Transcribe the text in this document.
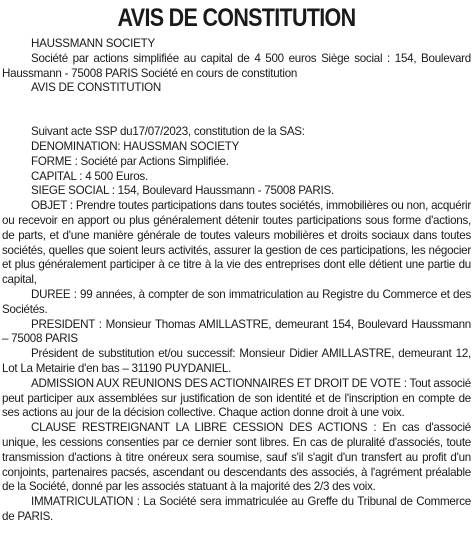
AVIS DE CONSTITUTION

HAUSSMANN SOCIETY

Société par actions simplifiée au capital de 4 500 euros Siège social : 154, Boulevard Haussmann - 75008 PARIS Société en cours de constitution

AVIS DE CONSTITUTION

Suivant acte SSP du17/07/2023, constitution de la SAS:

DENOMINATION: HAUSSMAN SOCIETY

FORME : Société par Actions Simplifiée.

CAPITAL : 4 500 Euros.

SIEGE SOCIAL : 154, Boulevard Haussmann - 75008 PARIS.

OBJET : Prendre toutes participations dans toutes sociétés, immobilières ou non, acquérir ou recevoir en apport ou plus généralement détenir toutes participations sous forme d'actions, de parts, et d'une manière générale de toutes valeurs mobilières et droits sociaux dans toutes sociétés, quelles que soient leurs activités, assurer la gestion de ces participations, les négocier et plus généralement participer à ce titre à la vie des entreprises dont elle détient une partie du capital,

DUREE : 99 années, à compter de son immatriculation au Registre du Commerce et des Sociétés.

PRESIDENT : Monsieur Thomas AMILLASTRE, demeurant 154, Boulevard Haussmann – 75008 PARIS

Président de substitution et/ou successif: Monsieur Didier AMILLASTRE, demeurant 12, Lot La Metairie d'en bas – 31190 PUYDANIEL.

ADMISSION AUX REUNIONS DES ACTIONNAIRES ET DROIT DE VOTE : Tout associé peut participer aux assemblées sur justification de son identité et de l'inscription en compte de ses actions au jour de la décision collective. Chaque action donne droit à une voix.

CLAUSE RESTREIGNANT LA LIBRE CESSION DES ACTIONS : En cas d'associé unique, les cessions consenties par ce dernier sont libres. En cas de pluralité d'associés, toute transmission d'actions à titre onéreux sera soumise, sauf s'il s'agit d'un transfert au profit d'un conjoints, partenaires pacsés, ascendant ou descendants des associés, à l'agrément préalable de la Société, donné par les associés statuant à la majorité des 2/3 des voix.

IMMATRICULATION : La Société sera immatriculée au Greffe du Tribunal de Commerce de PARIS.
